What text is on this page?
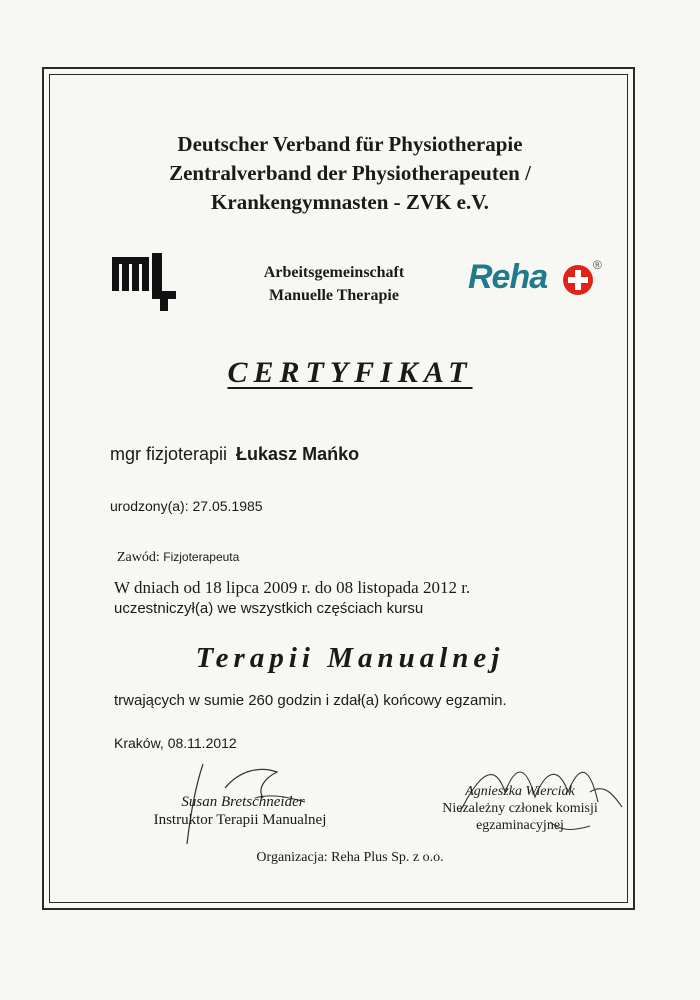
Deutscher Verband für Physiotherapie
Zentralverband der Physiotherapeuten /
Krankengymnasten - ZVK e.V.
Arbeitsgemeinschaft
Manuelle Therapie	Reha	®
CERTYFIKAT
mgr fizjoterapii Łukasz Mańko
urodzony(a): 27.05.1985
Zawód: Fizjoterapeuta
W dniach od 18 lipca 2009 r. do 08 listopada 2012 r.
uczestniczył(a) we wszystkich częściach kursu
Terapii Manualnej
trwających w sumie 260 godzin i zdał(a) końcowy egzamin.
Kraków, 08.11.2012
Susan Bretschneider
Instruktor Terapii Manualnej
Agnieszka Wierciak
Niezależny członek komisji
egzaminacyjnej
Organizacja: Reha Plus Sp. z o.o.
